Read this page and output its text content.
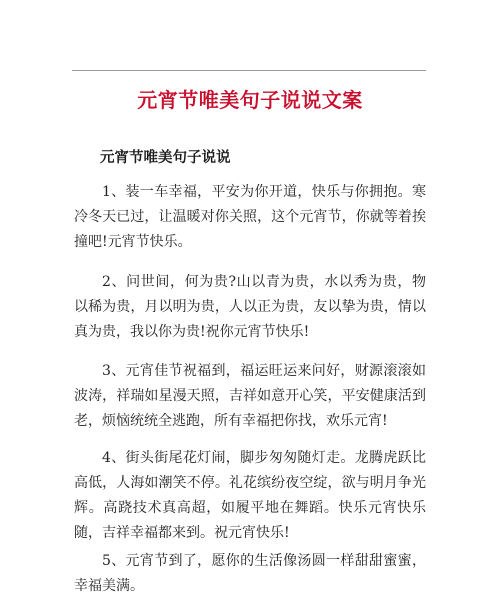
元宵节唯美句子说说文案
元宵节唯美句子说说

1、装一车幸福，平安为你开道，快乐与你拥抱。寒冷冬天已过，让温暖对你关照，这个元宵节，你就等着挨撞吧!元宵节快乐。

2、问世间，何为贵?山以青为贵，水以秀为贵，物以稀为贵，月以明为贵，人以正为贵，友以挚为贵，情以真为贵，我以你为贵!祝你元宵节快乐!

3、元宵佳节祝福到，福运旺运来问好，财源滚滚如波涛，祥瑞如星漫天照，吉祥如意开心笑，平安健康活到老，烦恼统统全逃跑，所有幸福把你找，欢乐元宵!

4、街头街尾花灯闹，脚步匆匆随灯走。龙腾虎跃比高低，人海如潮笑不停。礼花缤纷夜空绽，欲与明月争光辉。高跷技术真高超，如履平地在舞蹈。快乐元宵快乐随，吉祥幸福都来到。祝元宵快乐!

5、元宵节到了，愿你的生活像汤圆一样甜甜蜜蜜，幸福美满。
